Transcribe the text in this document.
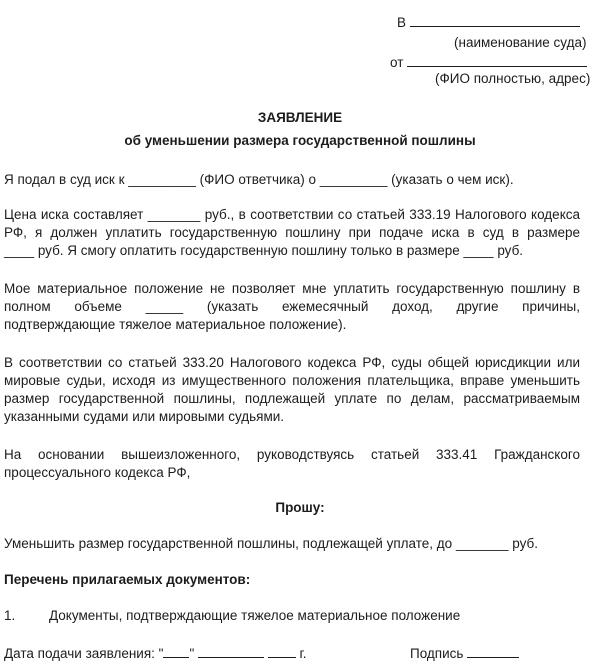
В
(наименование суда)
от
(ФИО полностью, адрес)
ЗАЯВЛЕНИЕ
об уменьшении размера государственной пошлины
Я подал в суд иск к _________ (ФИО ответчика) о _________ (указать о чем иск).
Цена иска составляет _______ руб., в соответствии со статьей 333.19 Налогового кодекса
РФ, я должен уплатить государственную пошлину при подаче иска в суд в размере
____ руб. Я смогу оплатить государственную пошлину только в размере ____ руб.
Мое материальное положение не позволяет мне уплатить государственную пошлину в
полном объеме _____ (указать ежемесячный доход, другие причины,
подтверждающие тяжелое материальное положение).
В соответствии со статьей 333.20 Налогового кодекса РФ, суды общей юрисдикции или
мировые судьи, исходя из имущественного положения плательщика, вправе уменьшить
размер государственной пошлины, подлежащей уплате по делам, рассматриваемым
указанными судами или мировыми судьями.
На основании вышеизложенного, руководствуясь статьей 333.41 Гражданского
процессуального кодекса РФ,
Прошу:
Уменьшить размер государственной пошлины, подлежащей уплате, до _______ руб.
Перечень прилагаемых документов:
1. Документы, подтверждающие тяжелое материальное положение
Дата подачи заявления: " "	г.	Подпись
